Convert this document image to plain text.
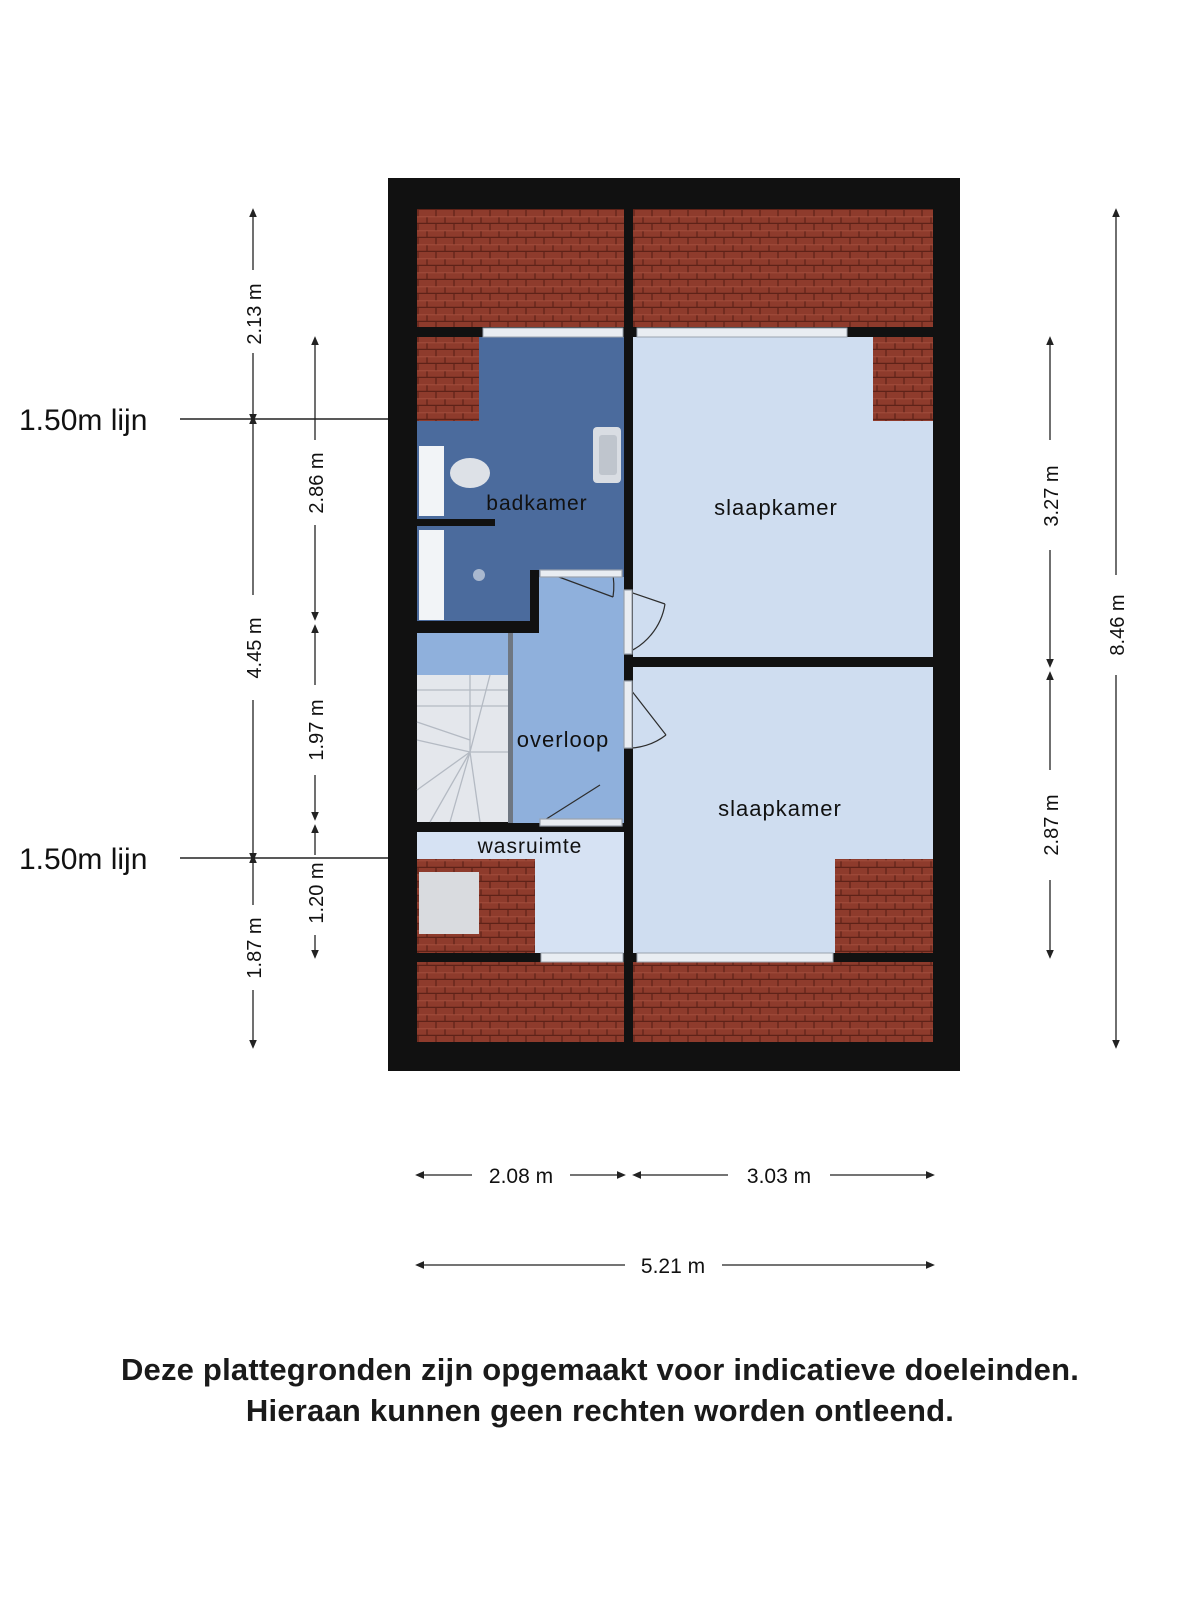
badkamer	slaapkamer
overloop
slaapkamer
wasruimte
1.50m lijn
1.50m lijn
2.13 m
4.45 m
1.87 m
2.86 m
1.97 m
1.20 m
3.27 m
2.87 m
8.46 m
2.08 m	3.03 m
5.21 m
Deze plattegronden zijn opgemaakt voor indicatieve doeleinden.
Hieraan kunnen geen rechten worden ontleend.
